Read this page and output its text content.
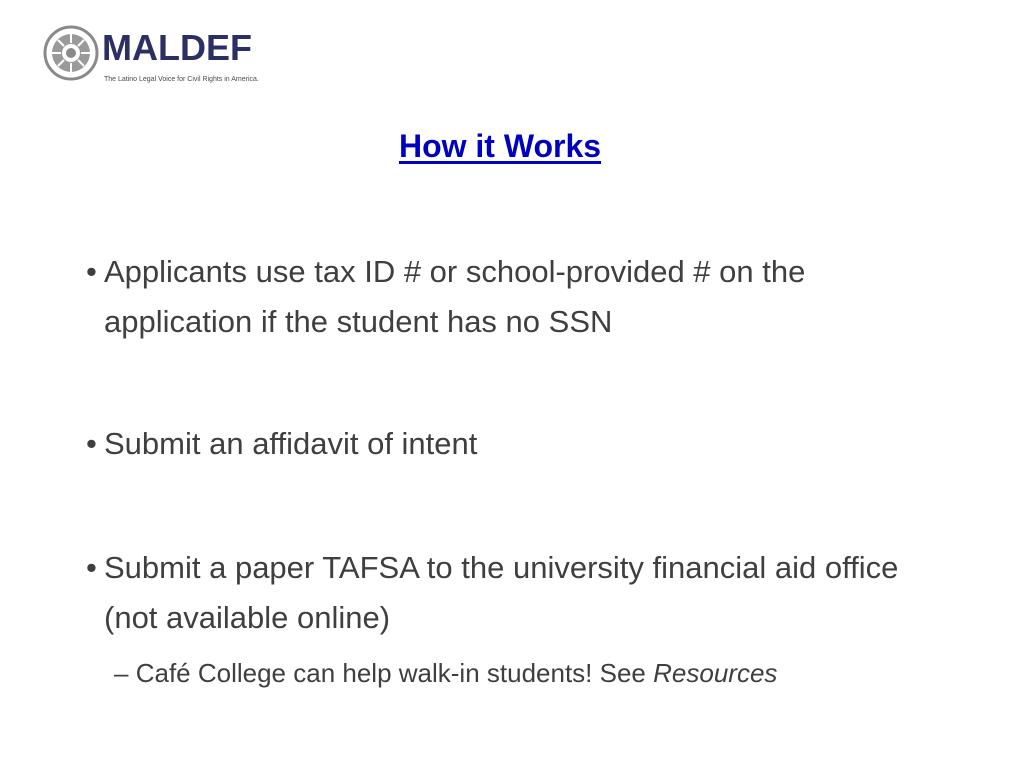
MALDEF
The Latino Legal Voice for Civil Rights in America.
How it Works
• Applicants use tax ID # or school-provided # on the application if the student has no SSN
• Submit an affidavit of intent
• Submit a paper TAFSA to the university financial aid office (not available online)
– Café College can help walk-in students! See Resources
